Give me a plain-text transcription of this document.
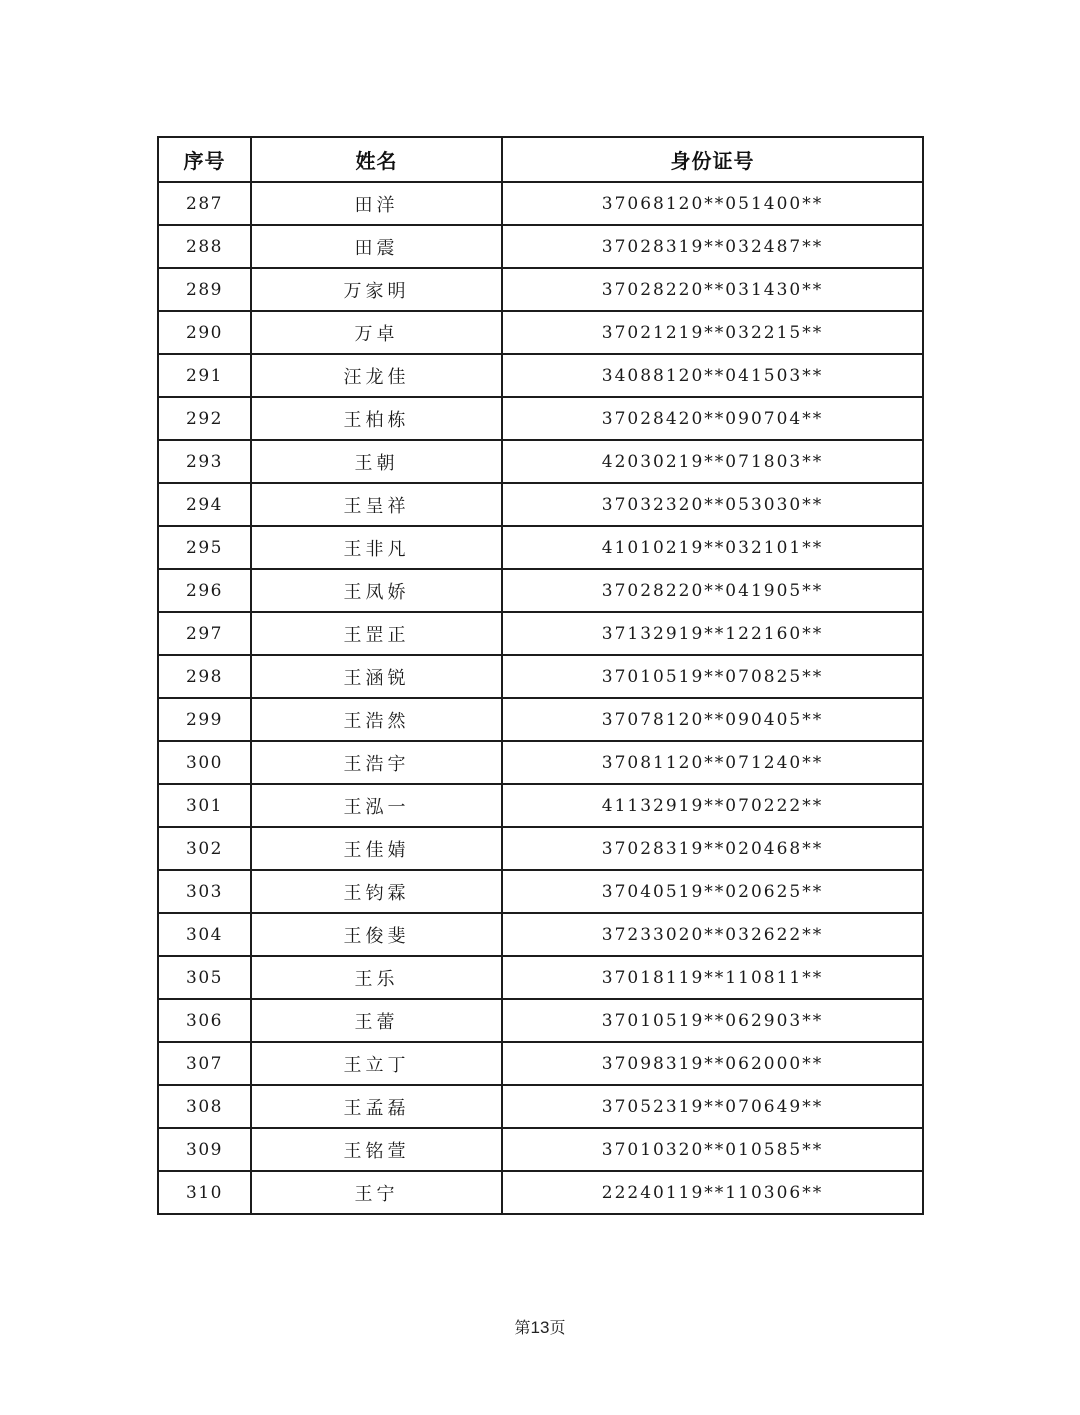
序号	姓名	身份证号
287	田洋	37068120**051400**
288	田震	37028319**032487**
289	万家明	37028220**031430**
290	万卓	37021219**032215**
291	汪龙佳	34088120**041503**
292	王柏栋	37028420**090704**
293	王朝	42030219**071803**
294	王呈祥	37032320**053030**
295	王非凡	41010219**032101**
296	王凤娇	37028220**041905**
297	王罡正	37132919**122160**
298	王涵锐	37010519**070825**
299	王浩然	37078120**090405**
300	王浩宇	37081120**071240**
301	王泓一	41132919**070222**
302	王佳婧	37028319**020468**
303	王钧霖	37040519**020625**
304	王俊斐	37233020**032622**
305	王乐	37018119**110811**
306	王蕾	37010519**062903**
307	王立丁	37098319**062000**
308	王孟磊	37052319**070649**
309	王铭萱	37010320**010585**
310	王宁	22240119**110306**
第13页
